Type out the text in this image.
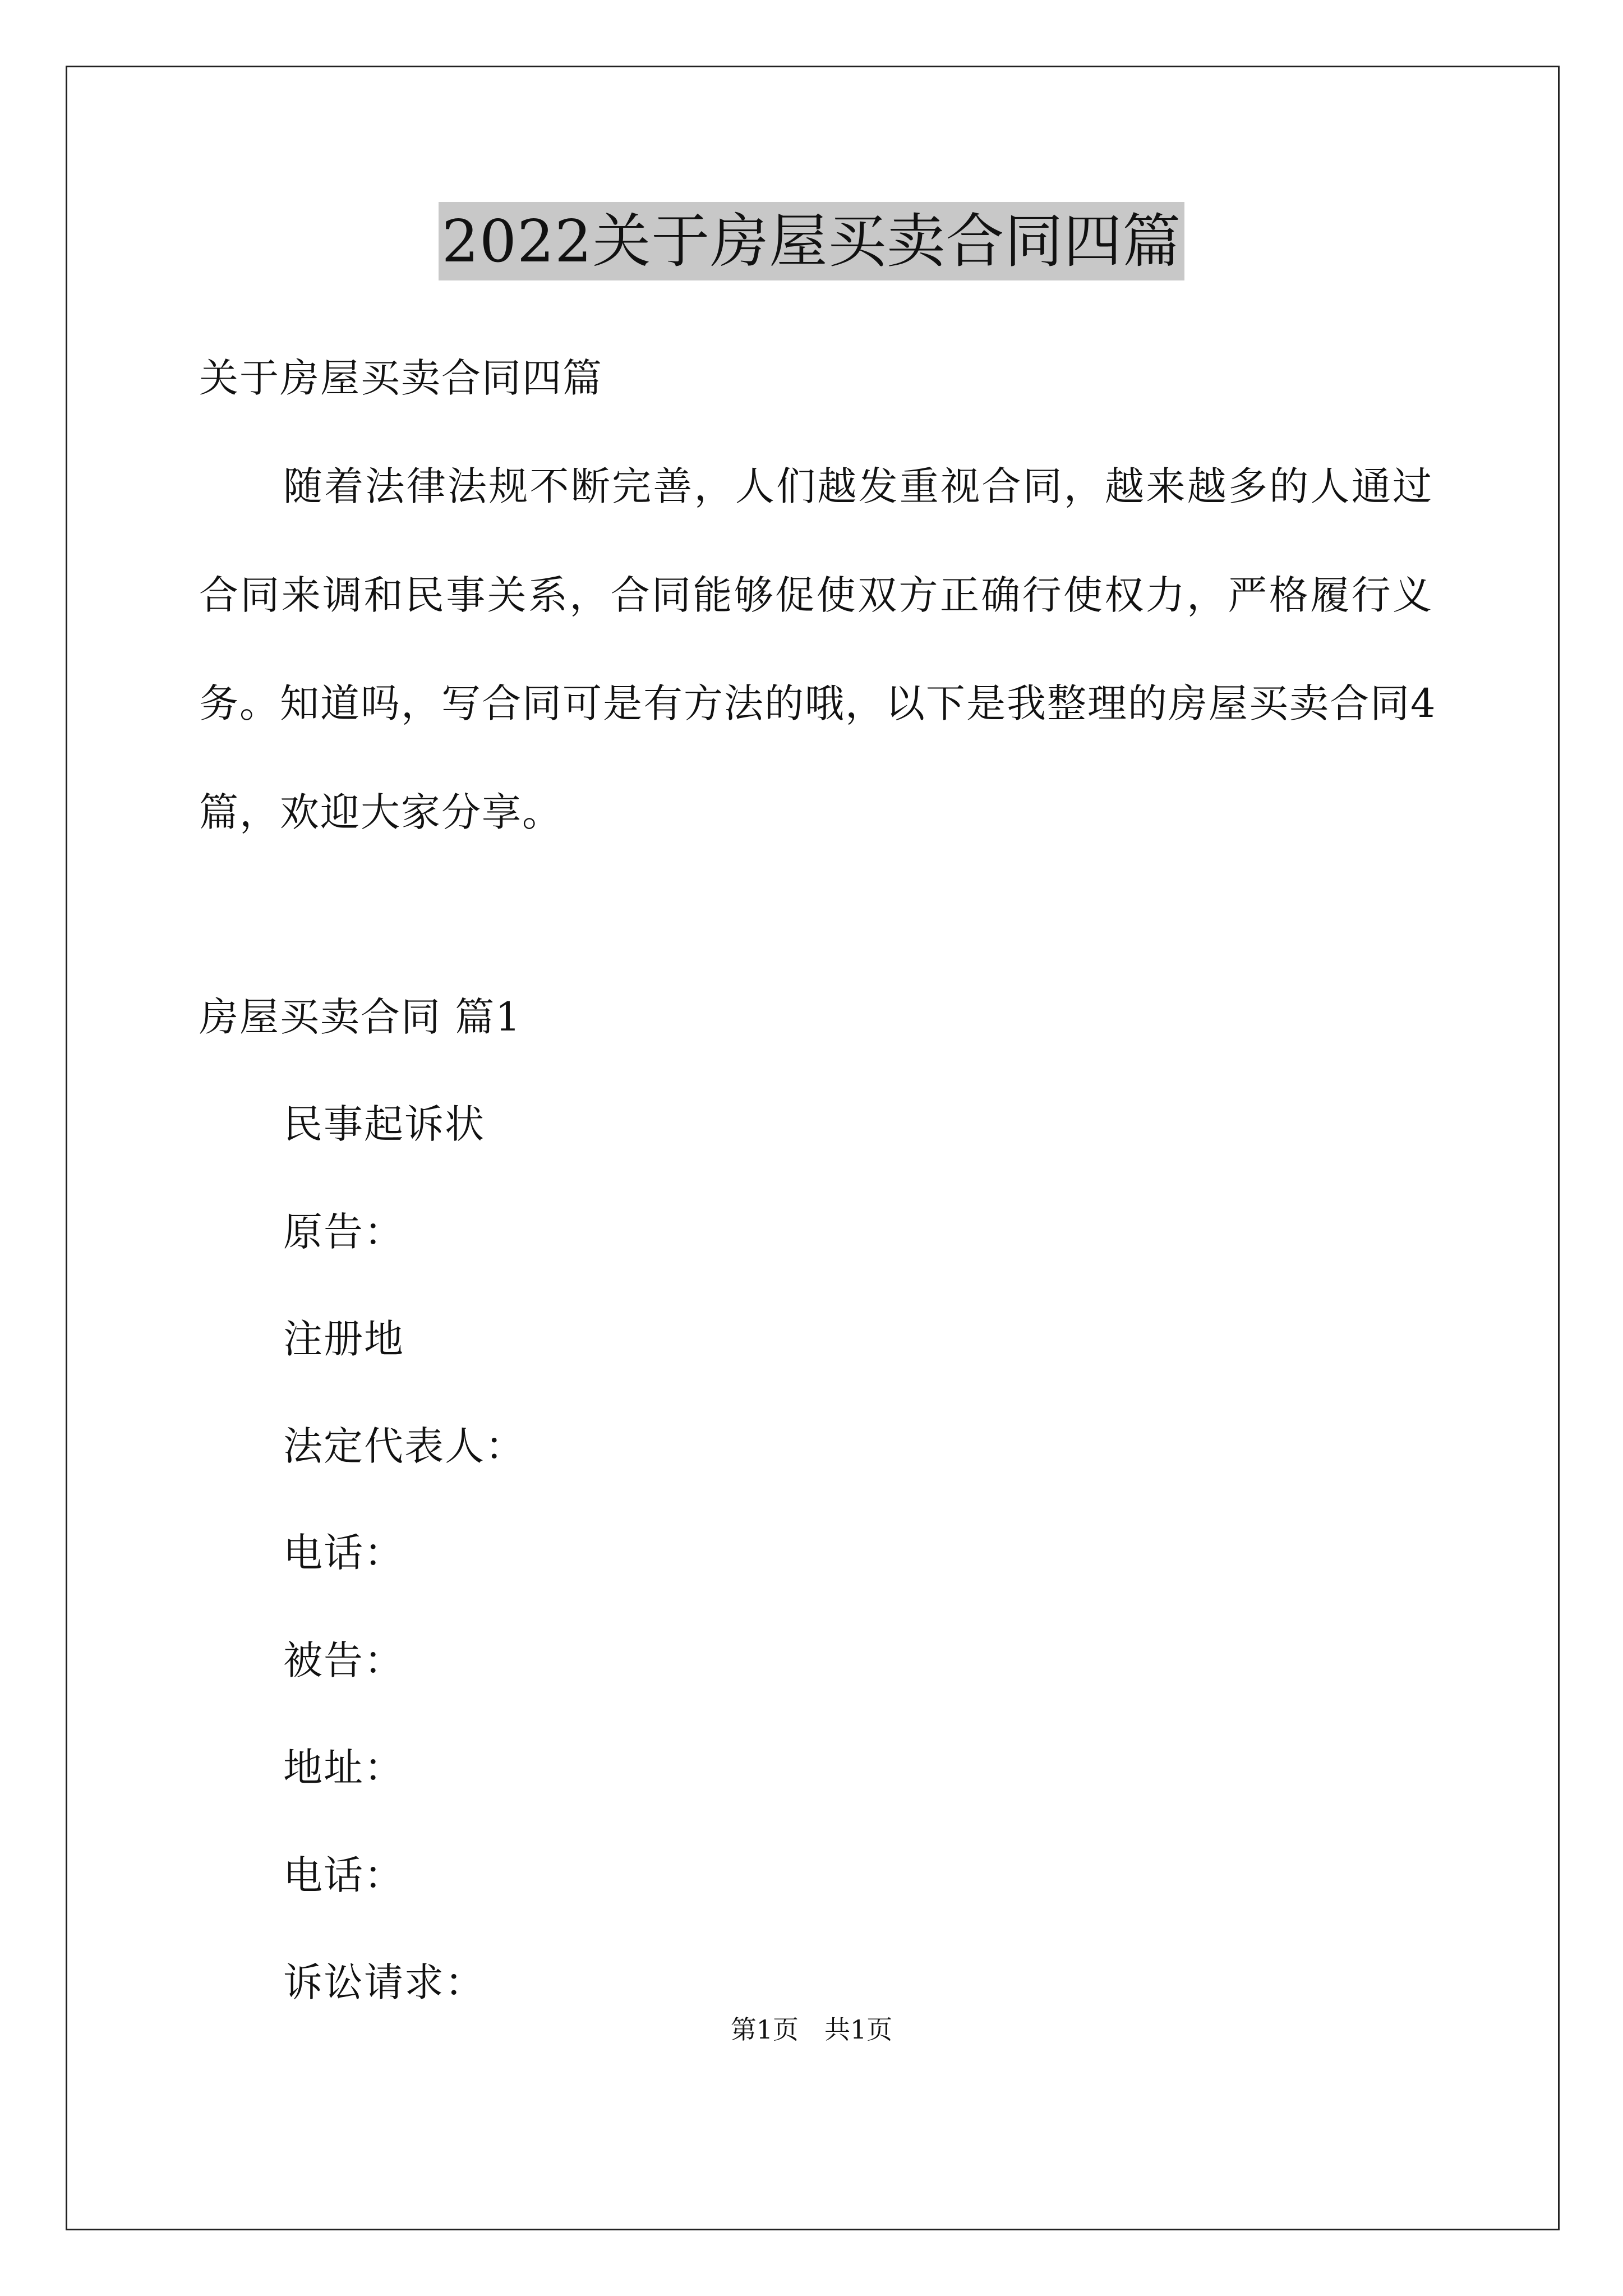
2022关于房屋买卖合同四篇
关于房屋买卖合同四篇
随着法律法规不断完善，人们越发重视合同，越来越多的人通过
合同来调和民事关系，合同能够促使双方正确行使权力，严格履行义
务。知道吗，写合同可是有方法的哦，以下是我整理的房屋买卖合同4
篇，欢迎大家分享。
房屋买卖合同 篇1
民事起诉状
原告：
注册地
法定代表人：
电话：
被告：
地址：
电话：
诉讼请求：
第1页　共1页
